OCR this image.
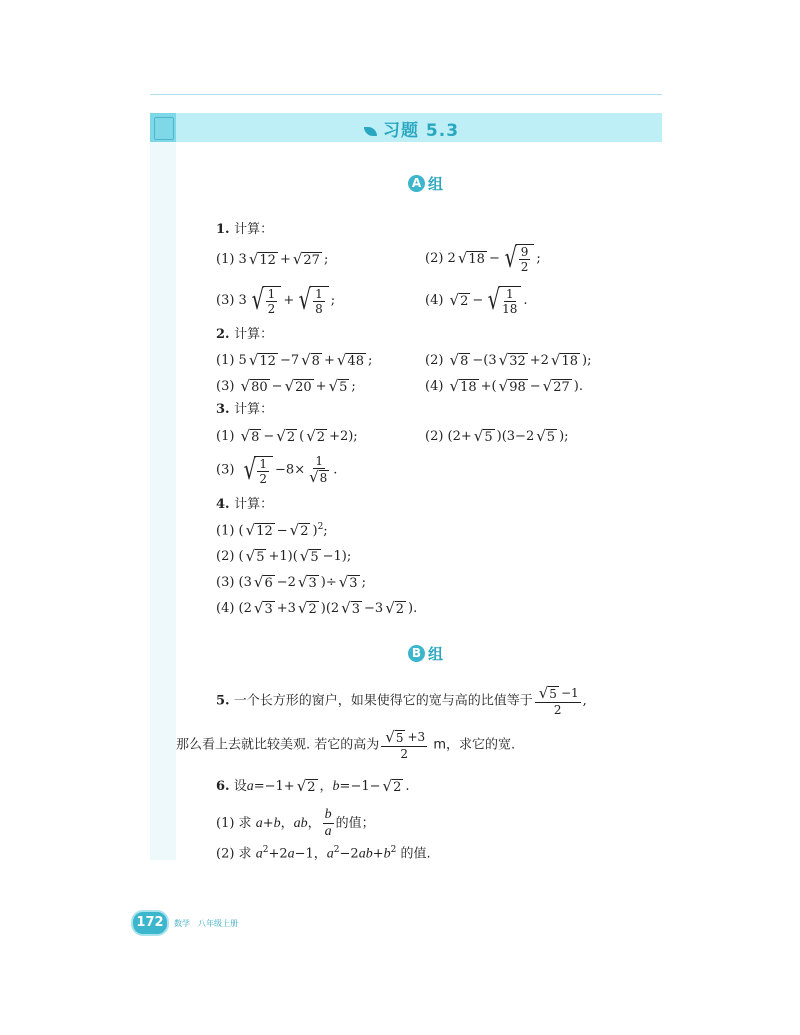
习题 5.3
A 组
1. 计算：
(1) 3 √ 12 + √ 27 ;	(2) 2 √ 18 − √ $\frac{9}{2}$ ;
(3) 3 √ $\frac{1}{2}$ + √ $\frac{1}{8}$ ;	(4) √ 2 − √ $\frac{1}{18}$ .
2. 计算：
(1) 5 √ 12 −7 √ 8 + √ 48 ;	(2) √ 8 −(3 √ 32 +2 √ 18 );
(3) √ 80 − √ 20 + √ 5 ;	(4) √ 18 +( √ 98 − √ 27 ).
3. 计算：
(1) √ 8 − √ 2 ( √ 2 +2);	(2) (2+ √ 5 )(3−2 √ 5 );
(3) √ $\frac{1}{2} -8\times \frac{1}{√ 8}$ .
4. 计算：
(1) ( √ 12 − √ 2 )$^2$;
(2) ( √ 5 +1)( √ 5 −1);
(3) (3 √ 6 −2 √ 3 )÷ √ 3 ;
(4) (2 √ 3 +3 √ 2 )(2 √ 3 −3 √ 2 ).
B 组
5. 一个长方形的窗户，如果使得它的宽与高的比值等于 $\frac{√ 5 -1}{2}$ ,
那么看上去就比较美观. 若它的高为 $\frac{√ 5 +3}{2}$ m，求它的宽.
6. 设a=−1+ √ 2 ，b=−1− √ 2 .
(1) 求 a+b，ab， $\frac{b}{a}$ 的值；
(2) 求 $a^2+2a-1$，$a^2-2ab+b^2$ 的值.
172	数学　八年级上册
